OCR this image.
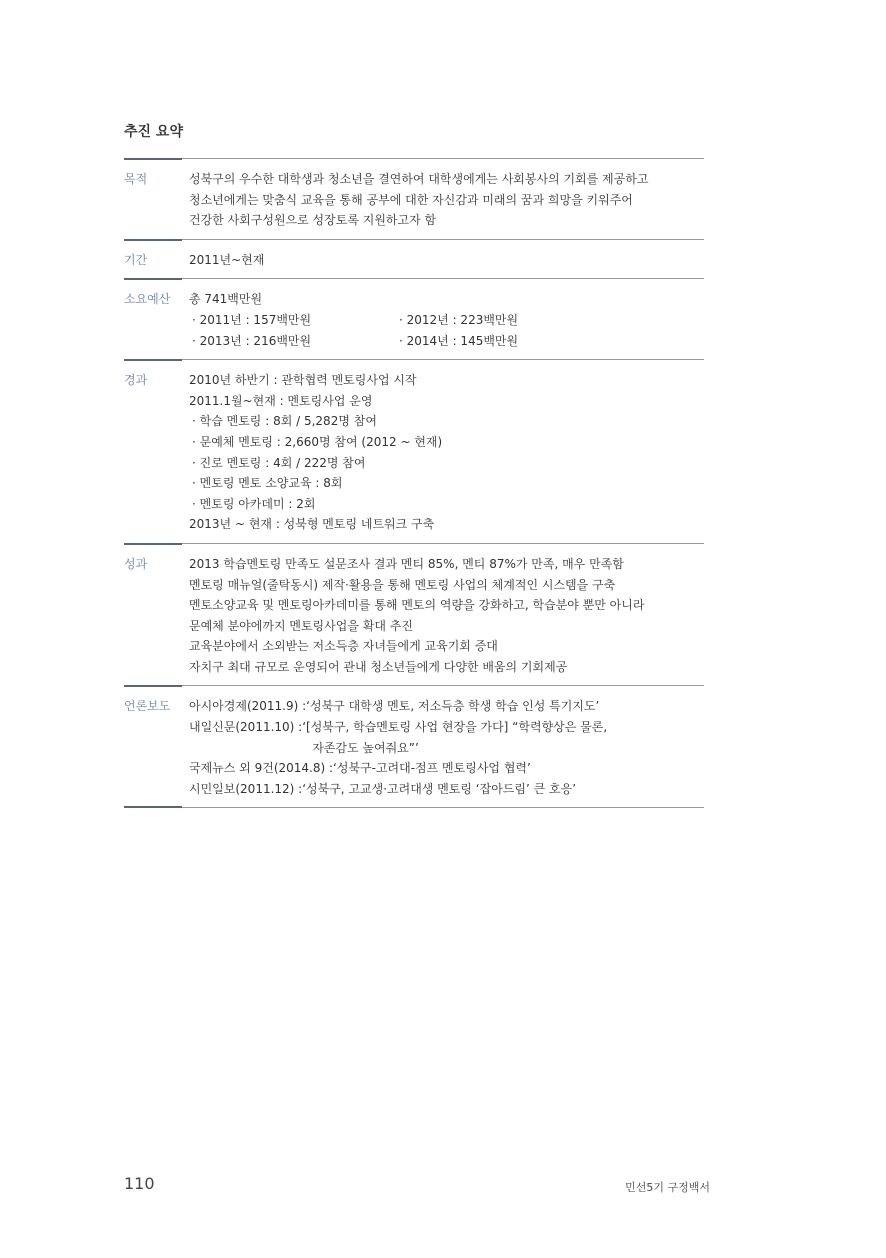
추진 요약
목적	성북구의 우수한 대학생과 청소년을 결연하여 대학생에게는 사회봉사의 기회를 제공하고
청소년에게는 맞춤식 교육을 통해 공부에 대한 자신감과 미래의 꿈과 희망을 키워주어
건강한 사회구성원으로 성장토록 지원하고자 함
기간	2011년~현재
소요예산 총 741백만원
· 2011년 : 157백만원	· 2012년 : 223백만원
· 2013년 : 216백만원	· 2014년 : 145백만원
경과	2010년 하반기 : 관학협력 멘토링사업 시작
2011.1월~현재 : 멘토링사업 운영
· 학습 멘토링 : 8회 / 5,282명 참여
· 문예체 멘토링 : 2,660명 참여 (2012 ~ 현재)
· 진로 멘토링 : 4회 / 222명 참여
· 멘토링 멘토 소양교육 : 8회
· 멘토링 아카데미 : 2회
2013년 ~ 현재 : 성북형 멘토링 네트워크 구축
성과	2013 학습멘토링 만족도 설문조사 결과 멘티 85%, 멘티 87%가 만족, 매우 만족함
멘토링 매뉴얼(줄탁동시) 제작·활용을 통해 멘토링 사업의 체계적인 시스템을 구축
멘토소양교육 및 멘토링아카데미를 통해 멘토의 역량을 강화하고, 학습분야 뿐만 아니라
문예체 분야에까지 멘토링사업을 확대 추진
교육분야에서 소외받는 저소득층 자녀들에게 교육기회 증대
자치구 최대 규모로 운영되어 관내 청소년들에게 다양한 배움의 기회제공
언론보도 아시아경제(2011.9) : ‘성북구 대학생 멘토, 저소득층 학생 학습 인성 특기지도’
내일신문(2011.10) : ‘[성북구, 학습멘토링 사업 현장을 가다] “학력향상은 물론,
자존감도 높여줘요”’
국제뉴스 외 9건(2014.8) : ‘성북구-고려대-점프 멘토링사업 협력’
시민일보(2011.12) : ‘성북구, 고교생·고려대생 멘토링 ‘잡아드림’ 큰 호응’
110	민선5기 구정백서
